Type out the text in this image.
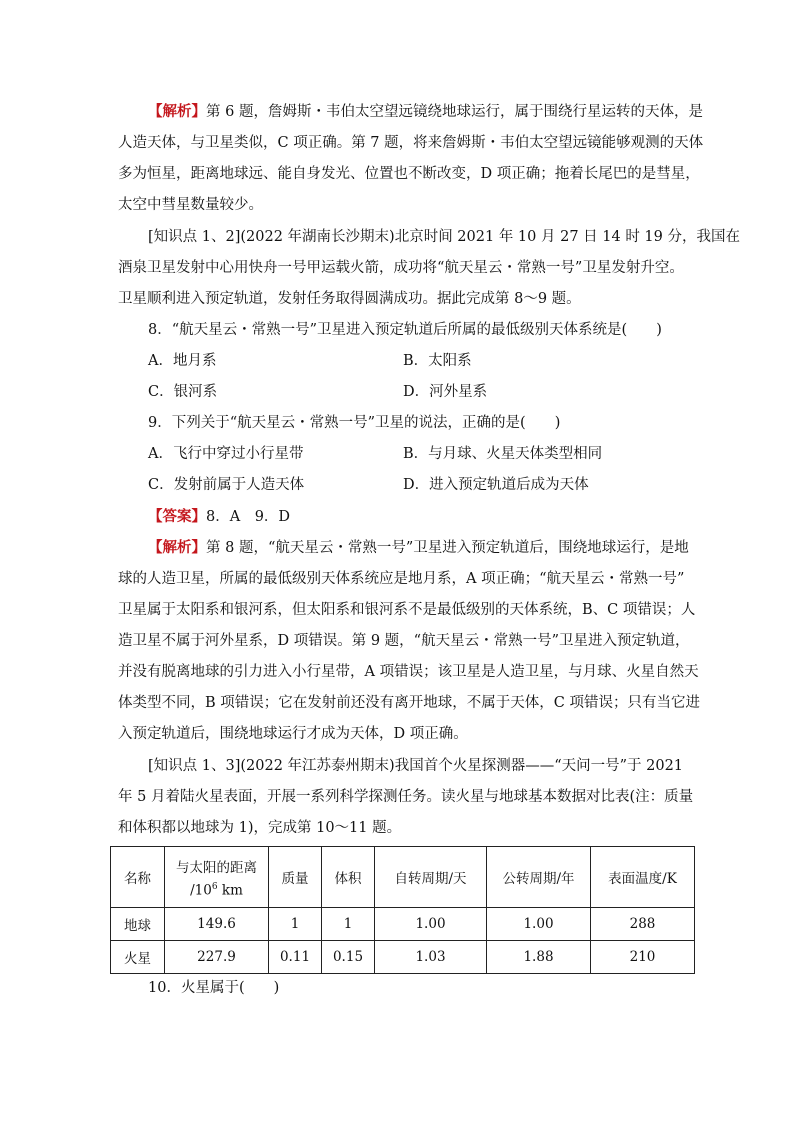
【解析】第 6 题，詹姆斯・韦伯太空望远镜绕地球运行，属于围绕行星运转的天体，是
人造天体，与卫星类似，C 项正确。第 7 题，将来詹姆斯・韦伯太空望远镜能够观测的天体
多为恒星，距离地球远、能自身发光、位置也不断改变，D 项正确；拖着长尾巴的是彗星，
太空中彗星数量较少。
[知识点 1、2](2022 年湖南长沙期末)北京时间 2021 年 10 月 27 日 14 时 19 分，我国在
酒泉卫星发射中心用快舟一号甲运载火箭，成功将“航天星云・常熟一号”卫星发射升空。
卫星顺利进入预定轨道，发射任务取得圆满成功。据此完成第 8～9 题。
8．“航天星云・常熟一号”卫星进入预定轨道后所属的最低级别天体系统是(　　)
A．地月系	B．太阳系
C．银河系	D．河外星系
9．下列关于“航天星云・常熟一号”卫星的说法，正确的是(　　)
A．飞行中穿过小行星带	B．与月球、火星天体类型相同
C．发射前属于人造天体	D．进入预定轨道后成为天体
【答案】8．A　9．D
【解析】第 8 题，“航天星云・常熟一号”卫星进入预定轨道后，围绕地球运行，是地
球的人造卫星，所属的最低级别天体系统应是地月系，A 项正确；“航天星云・常熟一号”
卫星属于太阳系和银河系，但太阳系和银河系不是最低级别的天体系统，B、C 项错误；人
造卫星不属于河外星系，D 项错误。第 9 题，“航天星云・常熟一号”卫星进入预定轨道，
并没有脱离地球的引力进入小行星带，A 项错误；该卫星是人造卫星，与月球、火星自然天
体类型不同，B 项错误；它在发射前还没有离开地球，不属于天体，C 项错误；只有当它进
入预定轨道后，围绕地球运行才成为天体，D 项正确。
[知识点 1、3](2022 年江苏泰州期末)我国首个火星探测器——“天问一号”于 2021
年 5 月着陆火星表面，开展一系列科学探测任务。读火星与地球基本数据对比表(注：质量
和体积都以地球为 1)，完成第 10～11 题。
名称	与太阳的距离
$/10^6$ km	质量	体积	自转周期/天	公转周期/年	表面温度/K
地球	149.6	1	1	1.00	1.00	288
火星	227.9	0.11	0.15	1.03	1.88	210
10．火星属于(　　)
